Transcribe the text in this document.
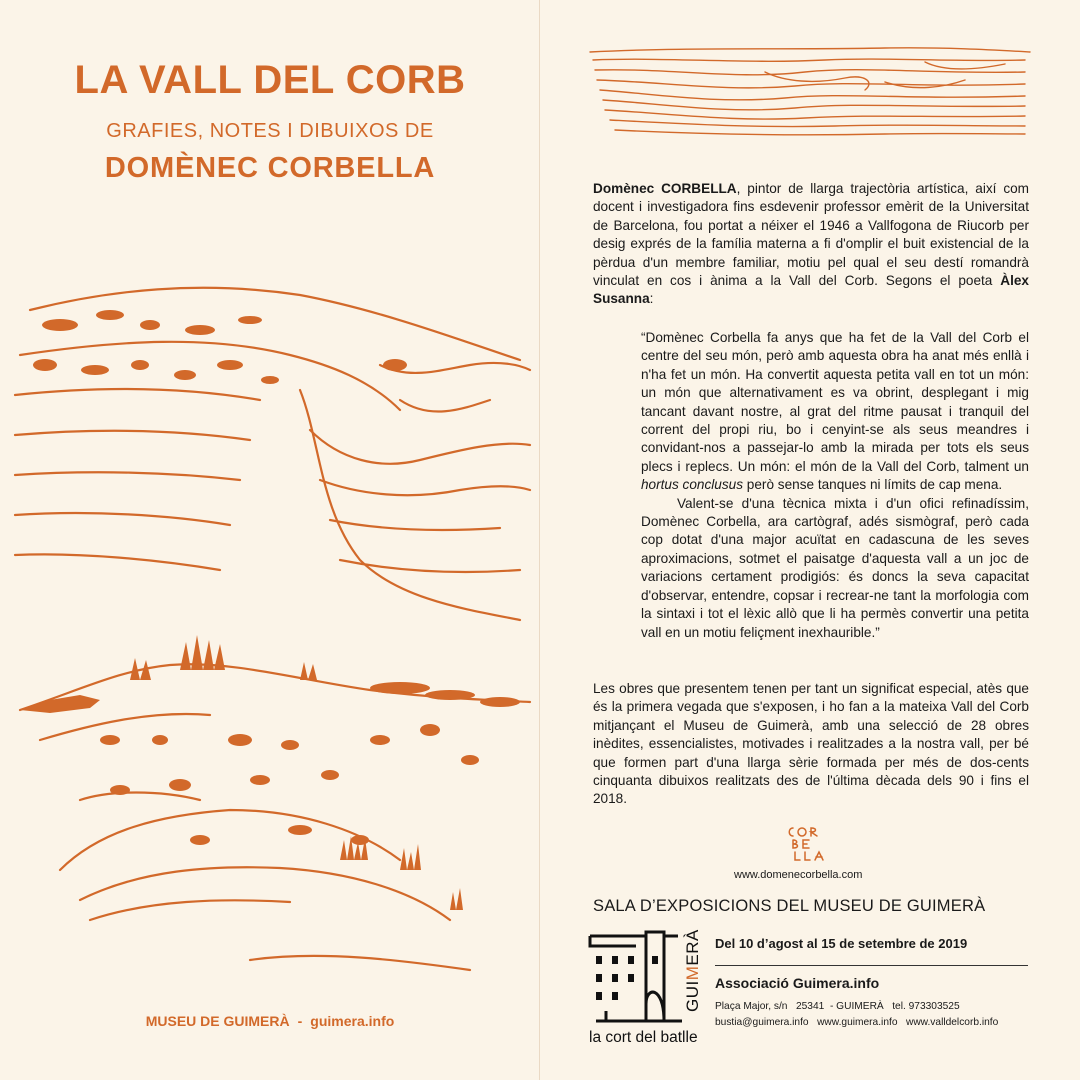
LA VALL DEL CORB
GRAFIES, NOTES I DIBUIXOS DE
DOMÈNEC CORBELLA
MUSEU DE GUIMERÀ - guimera.info
Domènec CORBELLA, pintor de llarga trajectòria artística, així com docent i investigadora fins esdevenir professor emèrit de la Universitat de Barcelona, fou portat a néixer el 1946 a Vallfogona de Riucorb per desig exprés de la família materna a fi d'omplir el buit existencial de la pèrdua d'un membre familiar, motiu pel qual el seu destí romandrà vinculat en cos i ànima a la Vall del Corb. Segons el poeta Àlex Susanna:

“Domènec Corbella fa anys que ha fet de la Vall del Corb el centre del seu món, però amb aquesta obra ha anat més enllà i n'ha fet un món. Ha convertit aquesta petita vall en tot un món: un món que alternativament es va obrint, desplegant i mig tancant davant nostre, al grat del ritme pausat i tranquil del corrent del propi riu, bo i cenyint-se als seus meandres i convidant-nos a passejar-lo amb la mirada per tots els seus plecs i replecs. Un món: el món de la Vall del Corb, talment un hortus conclusus però sense tanques ni límits de cap mena.

Valent-se d'una tècnica mixta i d'un ofici refinadíssim, Domènec Corbella, ara cartògraf, adés sismògraf, però cada cop dotat d'una major acuïtat en cadascuna de les seves aproximacions, sotmet el paisatge d'aquesta vall a un joc de variacions certament prodigiós: és doncs la seva capacitat d'observar, entendre, copsar i recrear-ne tant la morfologia com la sintaxi i tot el lèxic allò que li ha permès convertir una petita vall en un motiu feliçment inexhaurible.”

Les obres que presentem tenen per tant un significat especial, atès que és la primera vegada que s'exposen, i ho fan a la mateixa Vall del Corb mitjançant el Museu de Guimerà, amb una selecció de 28 obres inèdites, essencialistes, motivades i realitzades a la nostra vall, per bé que formen part d'una llarga sèrie formada per més de dos-cents cinquanta dibuixos realitzats des de l'última dècada dels 90 i fins el 2018.
www.domenecorbella.com
SALA D’EXPOSICIONS DEL MUSEU DE GUIMERÀ
GUIMERÀ
la cort del batlle
Del 10 d’agost al 15 de setembre de 2019
Associació Guimera.info
Plaça Major, s/n   25341  - GUIMERÀ   tel. 973303525
bustia@guimera.info   www.guimera.info   www.valldelcorb.info
